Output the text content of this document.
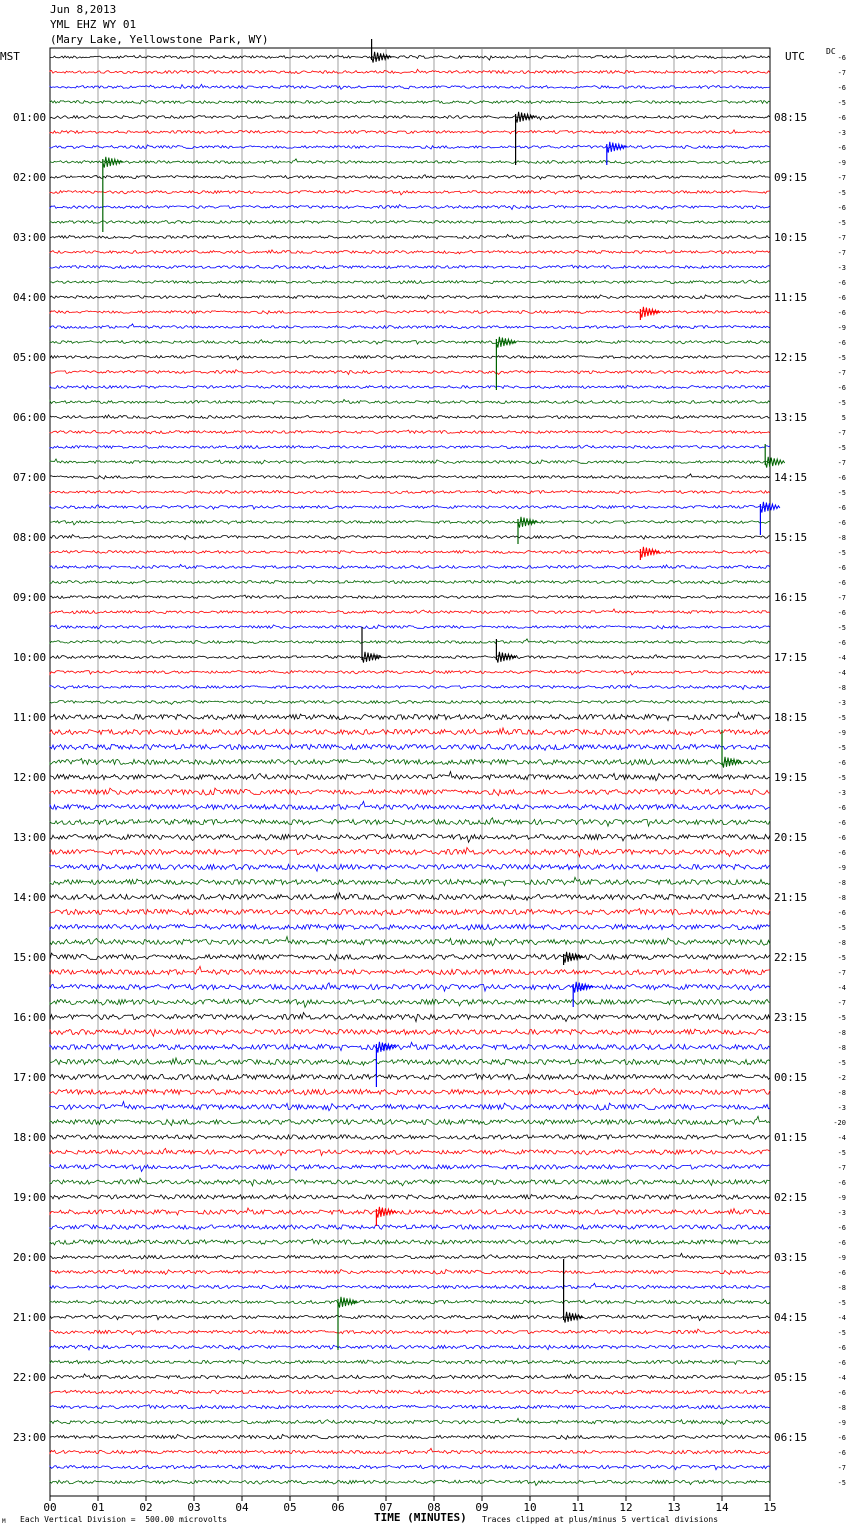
Jun 8,2013
YML EHZ WY 01
(Mary Lake, Yellowstone Park, WY)
MST	UTC	DC
-6
-7
-6
-5
-6
-3
-6
-9
-7
-5
-6
-5
-7
-7
-3
-6
-6
-6
-9
-6
-5
-7
-6
-5
5
-7
-5
-7
-6
-5
-6
-6
-8
-5
-6
-6
-7
-6
-5
-6
-4
-4
-8
-3
-5
-9
-5
-6
-5
-3
-6
-6
-6
-6
-9
-8
-8
-6
-5
-8
-5
-7
-4
-7
-5
-8
-8
-5
-2
-8
-3
-20
-4
-5
-7
-6
-9
-3
-6
-6
-9
-6
-8
-5
-4
-5
-6
-6
-4
-6
-8
-9
-6
-6
-7
-5
01:00
02:00
03:00
04:00
05:00
06:00
07:00
08:00
09:00
10:00
11:00
12:00
13:00
14:00
15:00
16:00
17:00
18:00
19:00
20:00
21:00
22:00
23:00
08:15
09:15
10:15
11:15
12:15
13:15
14:15
15:15
16:15
17:15
18:15
19:15
20:15
21:15
22:15
23:15
00:15
01:15
02:15
03:15
04:15
05:15
06:15
00	01	02	03	04	05	06	07	08	09	10	11	12	13	14	15
TIME (MINUTES)
Each Vertical Division =  500.00 microvolts	Traces clipped at plus/minus 5 vertical divisions
M
